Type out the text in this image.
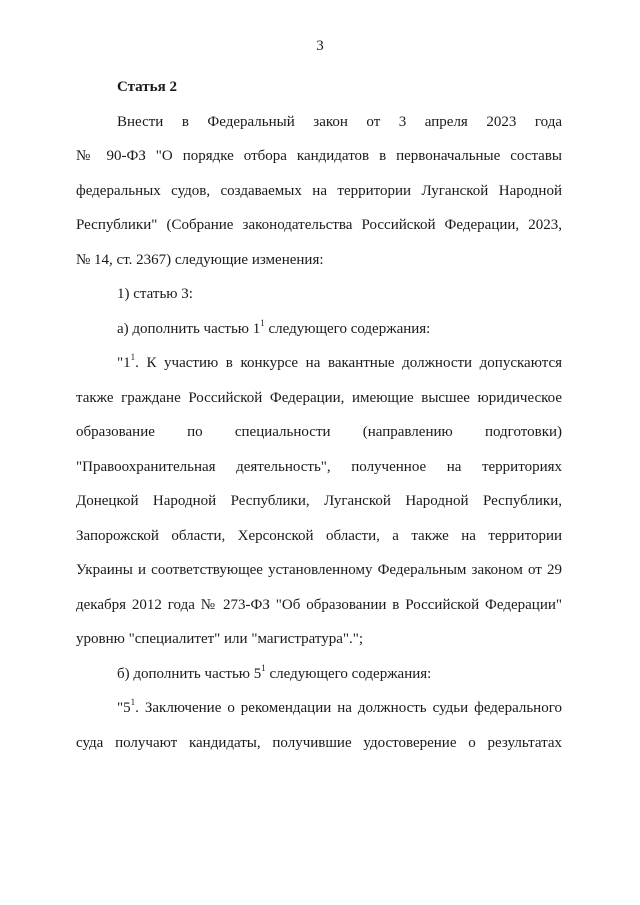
3
Статья 2
Внести в Федеральный закон от 3 апреля 2023 года
№ 90-ФЗ "О порядке отбора кандидатов в первоначальные составы
федеральных судов, создаваемых на территории Луганской Народной
Республики" (Собрание законодательства Российской Федерации, 2023,
№ 14, ст. 2367) следующие изменения:
1) статью 3:
а) дополнить частью $1^1$ следующего содержания:
"$1^1$. К участию в конкурсе на вакантные должности допускаются
также граждане Российской Федерации, имеющие высшее юридическое
образование по специальности (направлению подготовки)
"Правоохранительная деятельность", полученное на территориях
Донецкой Народной Республики, Луганской Народной Республики,
Запорожской области, Херсонской области, а также на территории
Украины и соответствующее установленному Федеральным законом от 29
декабря 2012 года № 273-ФЗ "Об образовании в Российской Федерации"
уровню "специалитет" или "магистратура".";
б) дополнить частью $5^1$ следующего содержания:
"$5^1$. Заключение о рекомендации на должность судьи федерального
суда получают кандидаты, получившие удостоверение о результатах
